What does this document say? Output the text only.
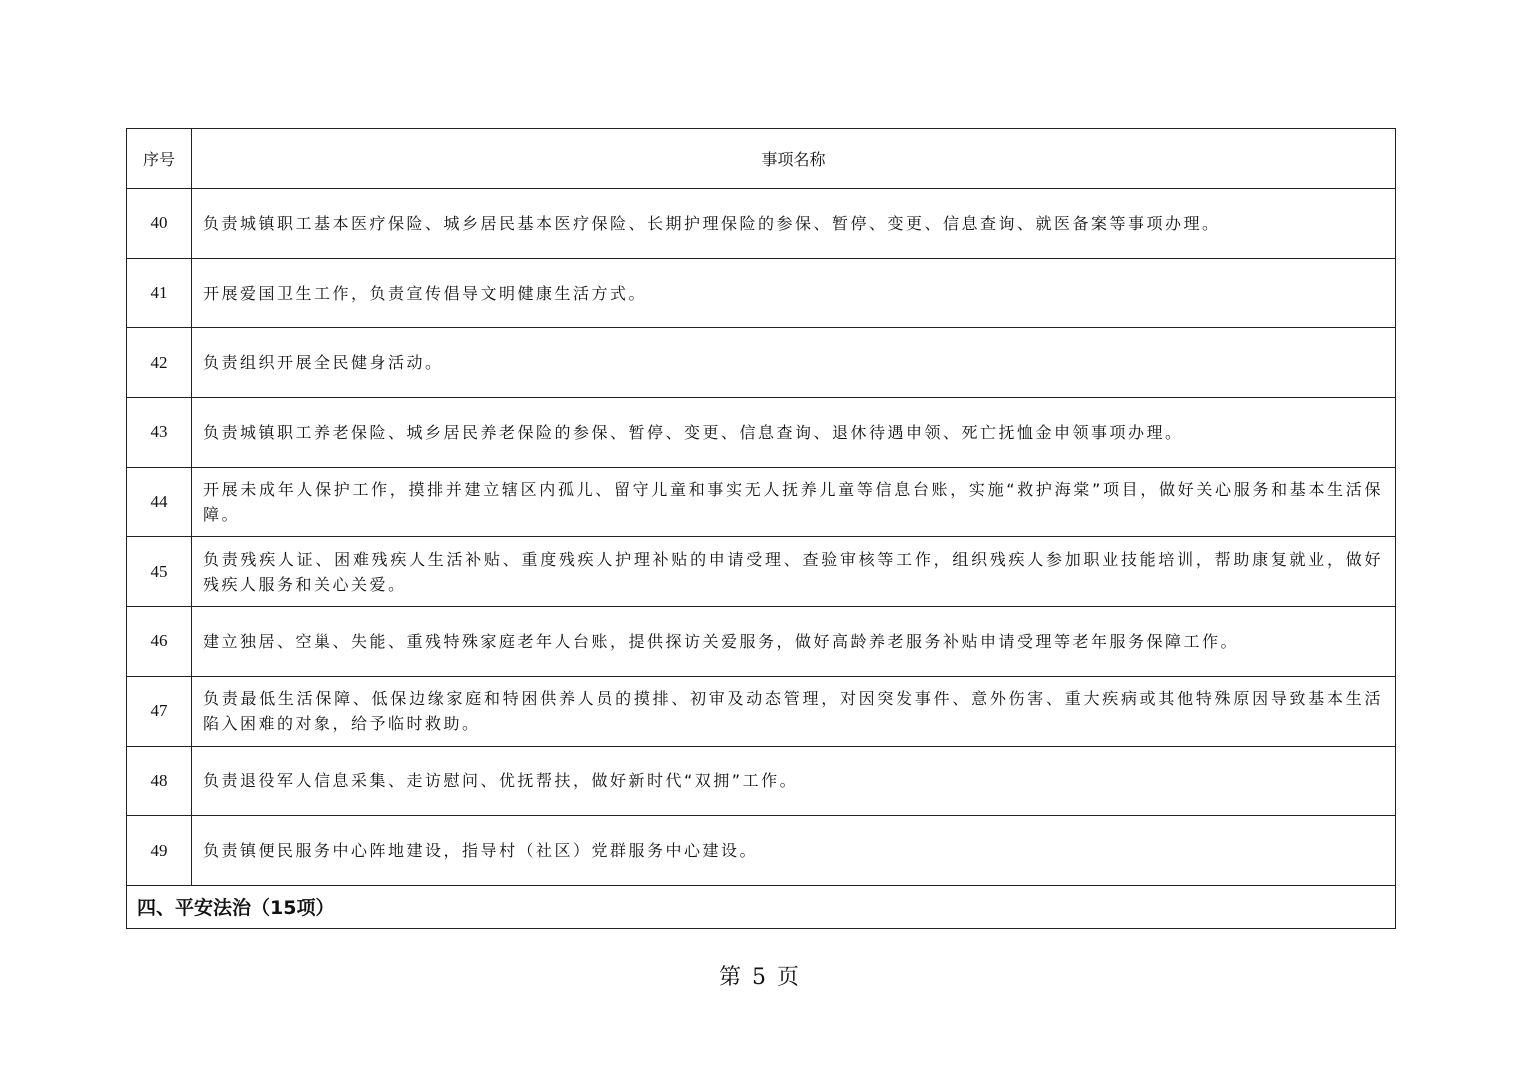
序号	事项名称
40	负责城镇职工基本医疗保险、城乡居民基本医疗保险、长期护理保险的参保、暂停、变更、信息查询、就医备案等事项办理。
41	开展爱国卫生工作，负责宣传倡导文明健康生活方式。
42	负责组织开展全民健身活动。
43	负责城镇职工养老保险、城乡居民养老保险的参保、暂停、变更、信息查询、退休待遇申领、死亡抚恤金申领事项办理。
44	开展未成年人保护工作，摸排并建立辖区内孤儿、留守儿童和事实无人抚养儿童等信息台账，实施“救护海棠”项目，做好关心服务和基本生活保障。
45	负责残疾人证、困难残疾人生活补贴、重度残疾人护理补贴的申请受理、查验审核等工作，组织残疾人参加职业技能培训，帮助康复就业，做好残疾人服务和关心关爱。
46	建立独居、空巢、失能、重残特殊家庭老年人台账，提供探访关爱服务，做好高龄养老服务补贴申请受理等老年服务保障工作。
47	负责最低生活保障、低保边缘家庭和特困供养人员的摸排、初审及动态管理，对因突发事件、意外伤害、重大疾病或其他特殊原因导致基本生活陷入困难的对象，给予临时救助。
48	负责退役军人信息采集、走访慰问、优抚帮扶，做好新时代“双拥”工作。
49	负责镇便民服务中心阵地建设，指导村（社区）党群服务中心建设。
四、平安法治（15项）	
第 5 页
